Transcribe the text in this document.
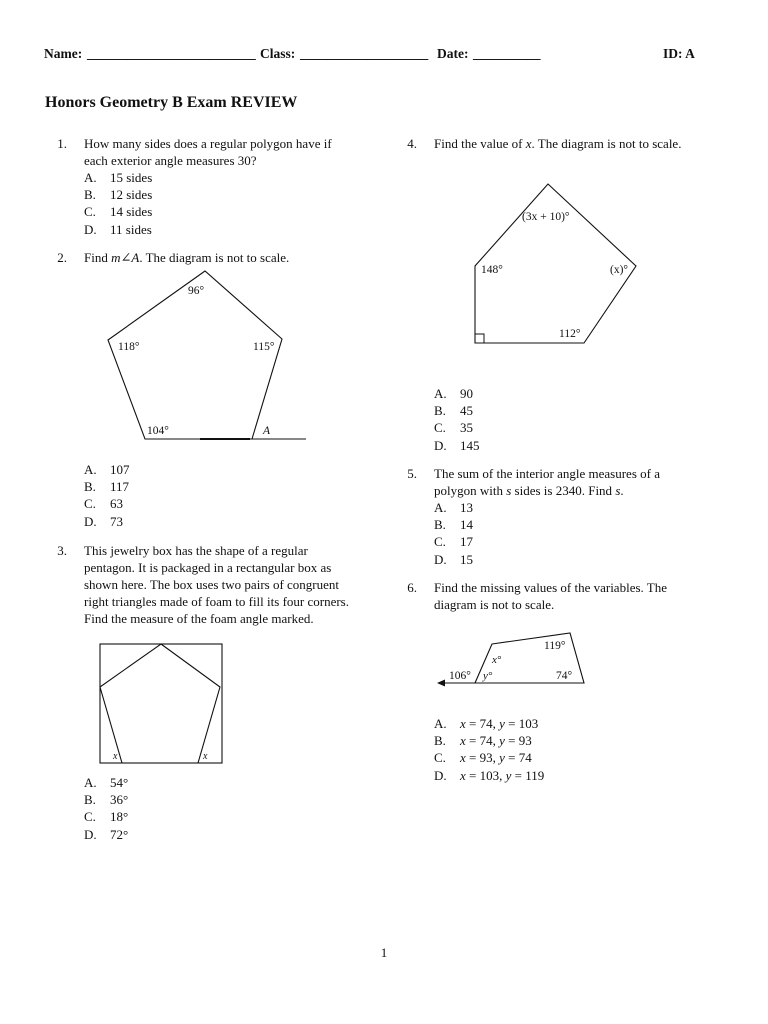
Name: _________________________ Class: ___________________ Date: __________	ID: A
Honors Geometry B Exam REVIEW
1. How many sides does a regular polygon have if
each exterior angle measures 30?
A. 15 sides
B. 12 sides
C. 14 sides
D. 11 sides
2. Find m∠A. The diagram is not to scale.
96°
118°	115°
104°	A
A. 107
B. 117
C. 63
D. 73
3. This jewelry box has the shape of a regular
pentagon. It is packaged in a rectangular box as
shown here. The box uses two pairs of congruent
right triangles made of foam to fill its four corners.
Find the measure of the foam angle marked.
x	x
A. 54°
B. 36°
C. 18°
D. 72°
4. Find the value of x. The diagram is not to scale.
(3x + 10)°
148°	(x)°
112°
A. 90
B. 45
C. 35
D. 145
5. The sum of the interior angle measures of a
polygon with s sides is 2340. Find s.
A. 13
B. 14
C. 17
D. 15
6. Find the missing values of the variables. The
diagram is not to scale.
106°
x°
y°
119°
74°
A. x = 74, y = 103
B. x = 74, y = 93
C. x = 93, y = 74
D. x = 103, y = 119
1
